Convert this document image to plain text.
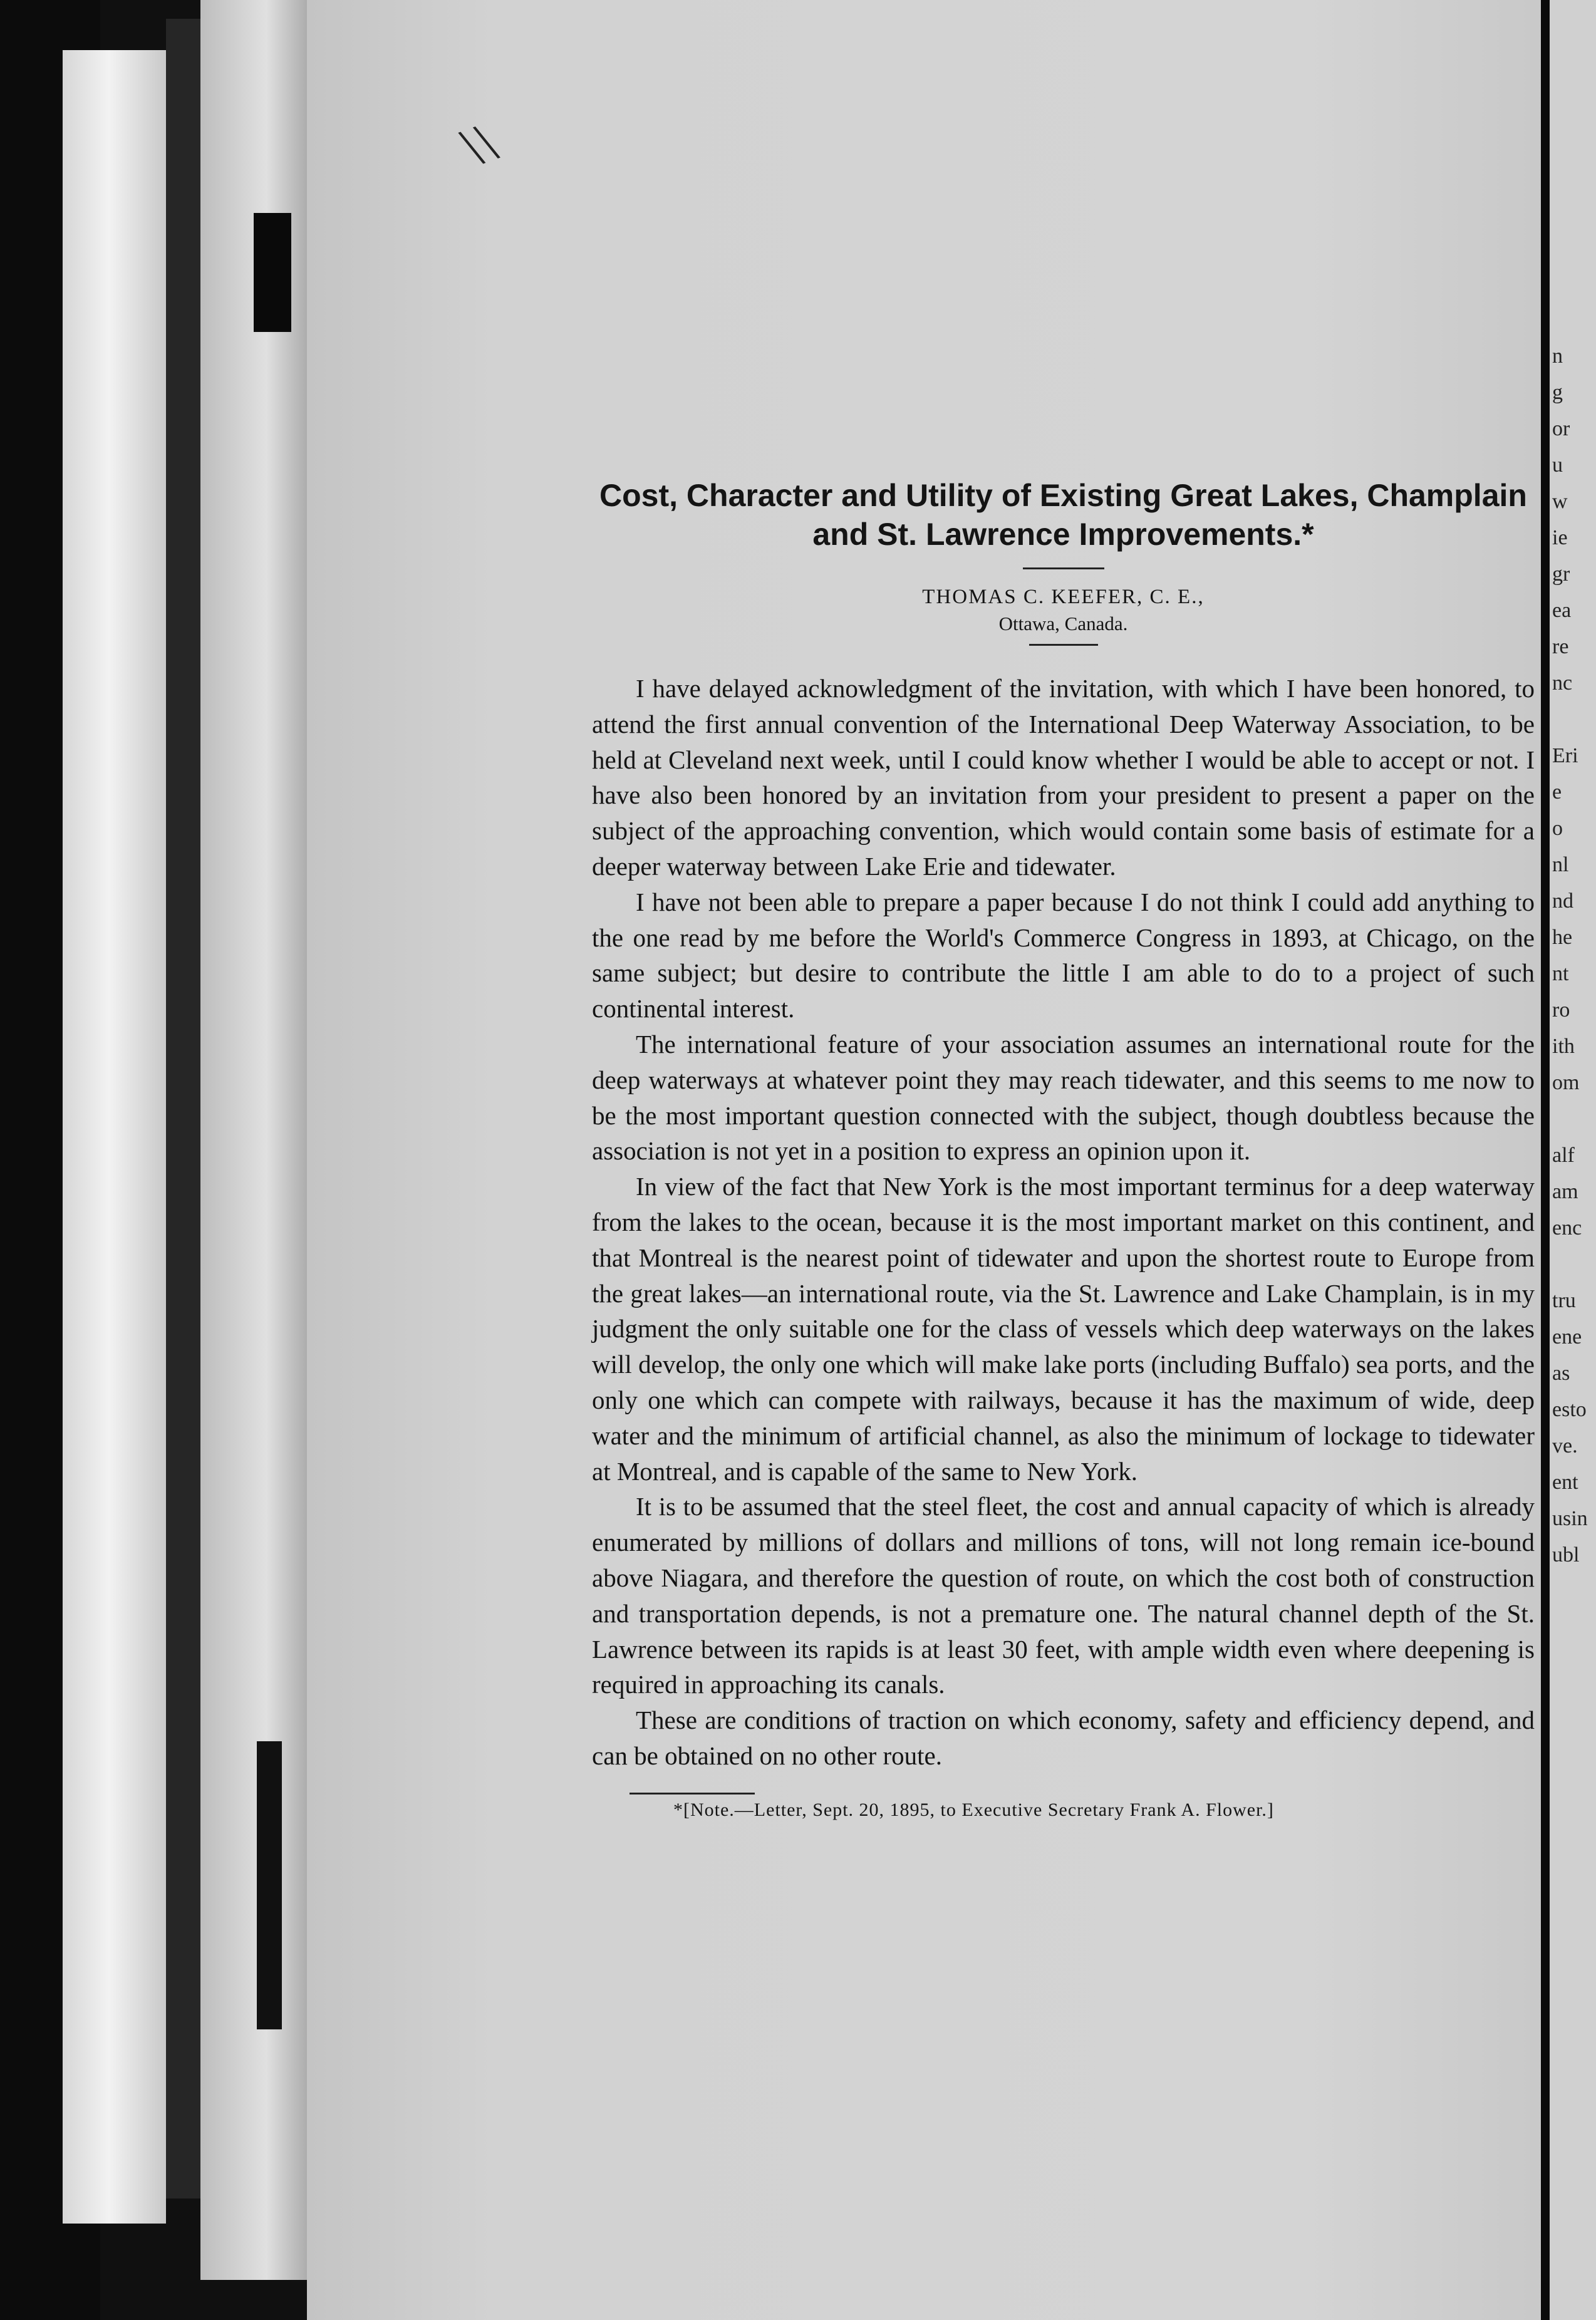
\\
n
g
or
u
w
ie
gr
ea
re
nc

Eri
e
o
nl
nd
he
nt
ro
ith
om

alf
am
enc

tru
ene
as
esto
ve.
ent
usin
ubl
Cost, Character and Utility of Existing Great Lakes, Champlain and St. Lawrence Improvements.*

THOMAS C. KEEFER, C. E.,

Ottawa, Canada.

I have delayed acknowledgment of the invitation, with which I have been honored, to attend the first annual convention of the International Deep Waterway Association, to be held at Cleveland next week, until I could know whether I would be able to accept or not. I have also been honored by an invitation from your president to present a paper on the subject of the approaching convention, which would contain some basis of estimate for a deeper waterway between Lake Erie and tidewater.

I have not been able to prepare a paper because I do not think I could add anything to the one read by me before the World's Commerce Congress in 1893, at Chicago, on the same subject; but desire to contribute the little I am able to do to a project of such continental interest.

The international feature of your association assumes an international route for the deep waterways at whatever point they may reach tidewater, and this seems to me now to be the most important question connected with the subject, though doubtless because the association is not yet in a position to express an opinion upon it.

In view of the fact that New York is the most important terminus for a deep waterway from the lakes to the ocean, because it is the most important market on this continent, and that Montreal is the nearest point of tidewater and upon the shortest route to Europe from the great lakes—an international route, via the St. Lawrence and Lake Champlain, is in my judgment the only suitable one for the class of vessels which deep waterways on the lakes will develop, the only one which will make lake ports (including Buffalo) sea ports, and the only one which can compete with railways, because it has the maximum of wide, deep water and the minimum of artificial channel, as also the minimum of lockage to tidewater at Montreal, and is capable of the same to New York.

It is to be assumed that the steel fleet, the cost and annual capacity of which is already enumerated by millions of dollars and millions of tons, will not long remain ice-bound above Niagara, and therefore the question of route, on which the cost both of construction and transportation depends, is not a premature one. The natural channel depth of the St. Lawrence between its rapids is at least 30 feet, with ample width even where deepening is required in approaching its canals.

These are conditions of traction on which economy, safety and efficiency depend, and can be obtained on no other route.

*[Note.—Letter, Sept. 20, 1895, to Executive Secretary Frank A. Flower.]
